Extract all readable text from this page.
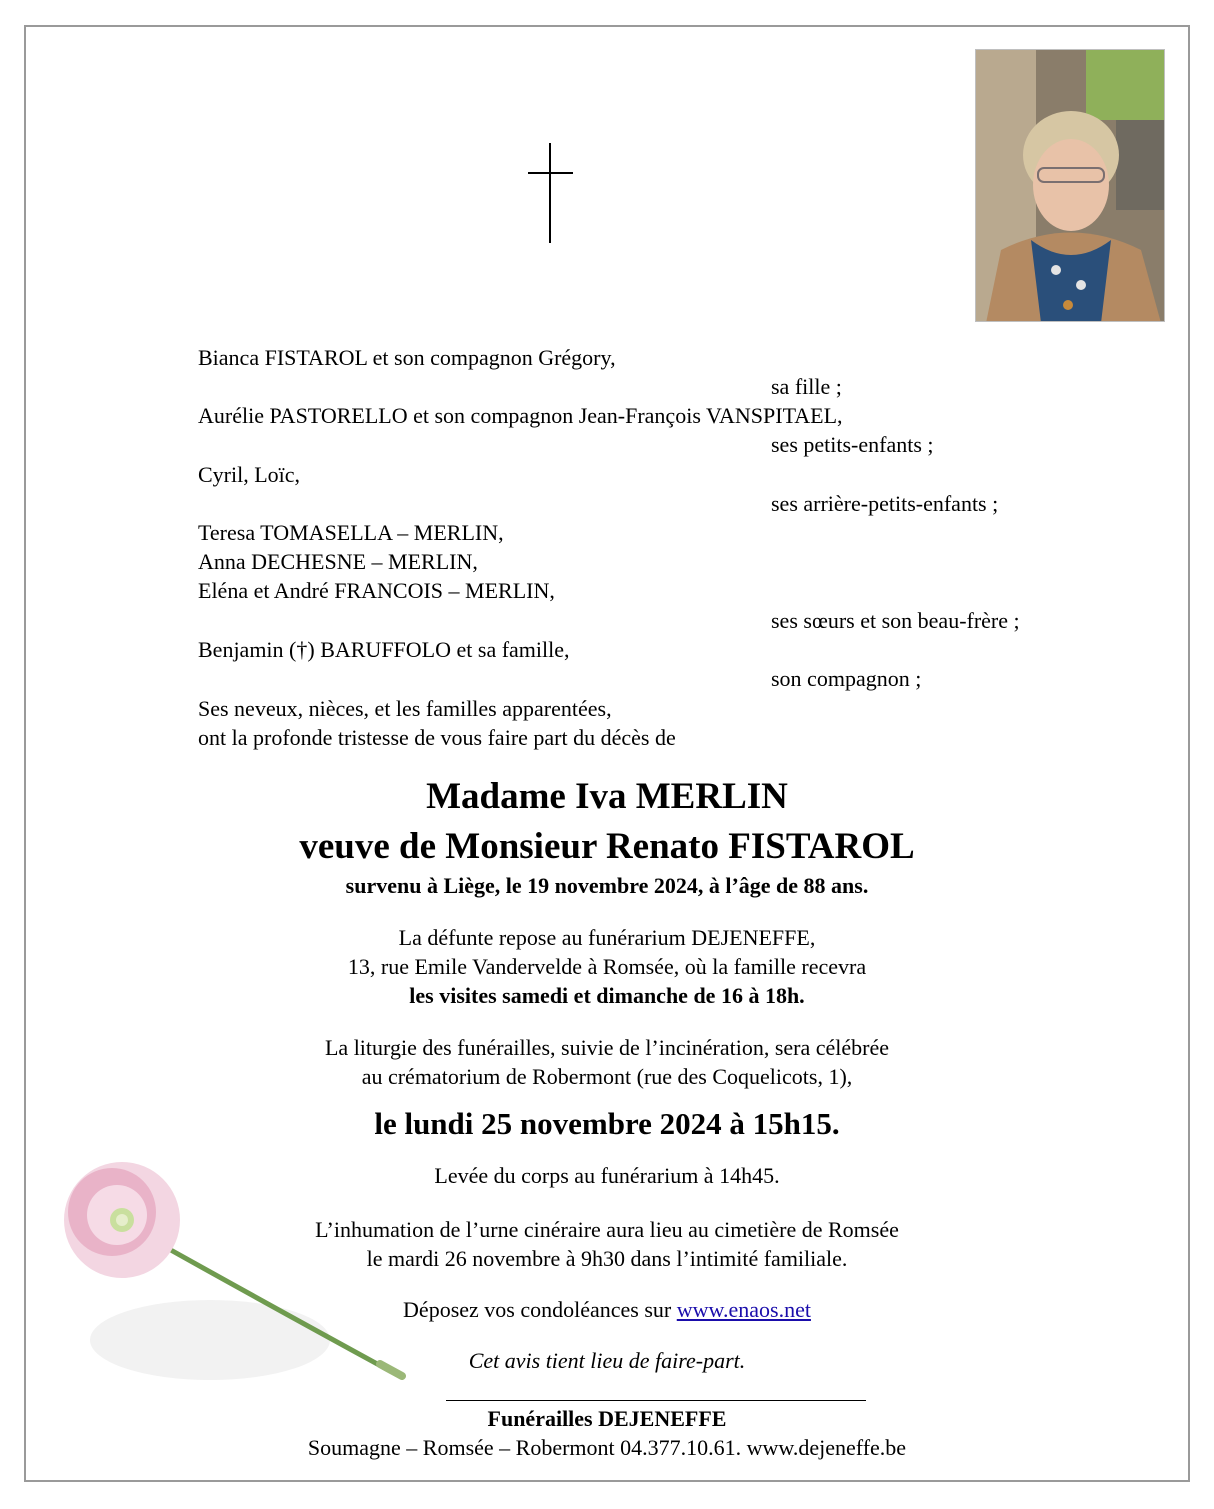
Bianca FISTAROL et son compagnon Grégory,
sa fille ;
Aurélie PASTORELLO et son compagnon Jean-François VANSPITAEL,
ses petits-enfants ;
Cyril, Loïc,
ses arrière-petits-enfants ;
Teresa TOMASELLA – MERLIN,
Anna DECHESNE – MERLIN,
Eléna et André FRANCOIS – MERLIN,
ses sœurs et son beau-frère ;
Benjamin (†) BARUFFOLO et sa famille,
son compagnon ;
Ses neveux, nièces, et les familles apparentées,
ont la profonde tristesse de vous faire part du décès de
Madame Iva MERLIN
veuve de Monsieur Renato FISTAROL
survenu à Liège, le 19 novembre 2024, à l’âge de 88 ans.
La défunte repose au funérarium DEJENEFFE,
13, rue Emile Vandervelde à Romsée, où la famille recevra
les visites samedi et dimanche de 16 à 18h.
La liturgie des funérailles, suivie de l’incinération, sera célébrée
au crématorium de Robermont (rue des Coquelicots, 1),
le lundi 25 novembre 2024 à 15h15.
Levée du corps au funérarium à 14h45.
L’inhumation de l’urne cinéraire aura lieu au cimetière de Romsée
le mardi 26 novembre à 9h30 dans l’intimité familiale.
Déposez vos condoléances sur www.enaos.net
Cet avis tient lieu de faire-part.
Funérailles DEJENEFFE
Soumagne – Romsée – Robermont 04.377.10.61. www.dejeneffe.be
